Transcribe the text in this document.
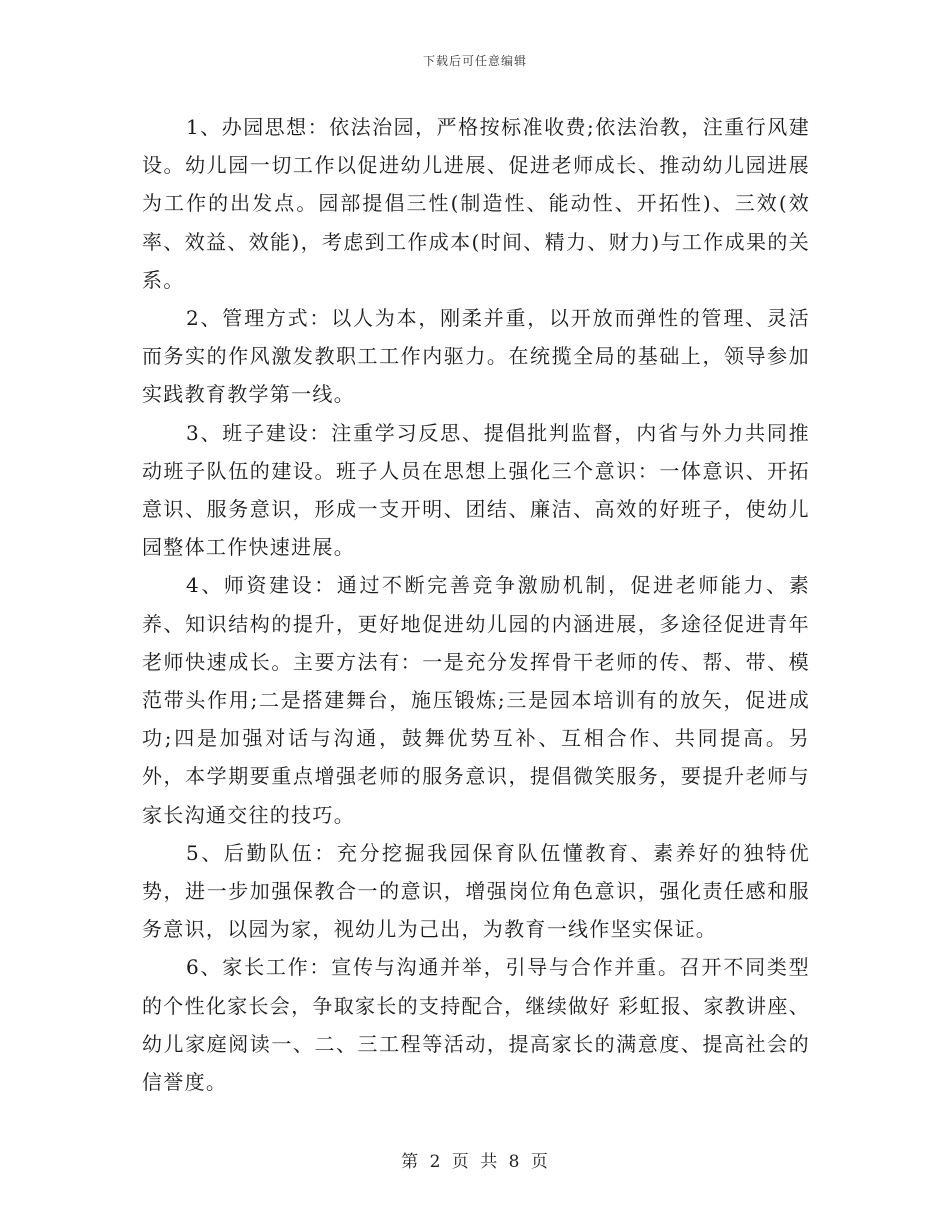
下载后可任意编辑

1、办园思想：依法治园，严格按标准收费;依法治教，注重行风建设。幼儿园一切工作以促进幼儿进展、促进老师成长、推动幼儿园进展为工作的出发点。园部提倡三性(制造性、能动性、开拓性)、三效(效率、效益、效能)，考虑到工作成本(时间、精力、财力)与工作成果的关系。

2、管理方式：以人为本，刚柔并重，以开放而弹性的管理、灵活而务实的作风激发教职工工作内驱力。在统揽全局的基础上，领导参加实践教育教学第一线。

3、班子建设：注重学习反思、提倡批判监督，内省与外力共同推动班子队伍的建设。班子人员在思想上强化三个意识：一体意识、开拓意识、服务意识，形成一支开明、团结、廉洁、高效的好班子，使幼儿园整体工作快速进展。

4、师资建设：通过不断完善竞争激励机制，促进老师能力、素养、知识结构的提升，更好地促进幼儿园的内涵进展，多途径促进青年老师快速成长。主要方法有：一是充分发挥骨干老师的传、帮、带、模范带头作用;二是搭建舞台，施压锻炼;三是园本培训有的放矢，促进成功;四是加强对话与沟通，鼓舞优势互补、互相合作、共同提高。另外，本学期要重点增强老师的服务意识，提倡微笑服务，要提升老师与家长沟通交往的技巧。

5、后勤队伍：充分挖掘我园保育队伍懂教育、素养好的独特优势，进一步加强保教合一的意识，增强岗位角色意识，强化责任感和服务意识，以园为家，视幼儿为己出，为教育一线作坚实保证。

6、家长工作：宣传与沟通并举，引导与合作并重。召开不同类型的个性化家长会，争取家长的支持配合，继续做好 彩虹报、家教讲座、幼儿家庭阅读一、二、三工程等活动，提高家长的满意度、提高社会的信誉度。

第 2 页 共 8 页
